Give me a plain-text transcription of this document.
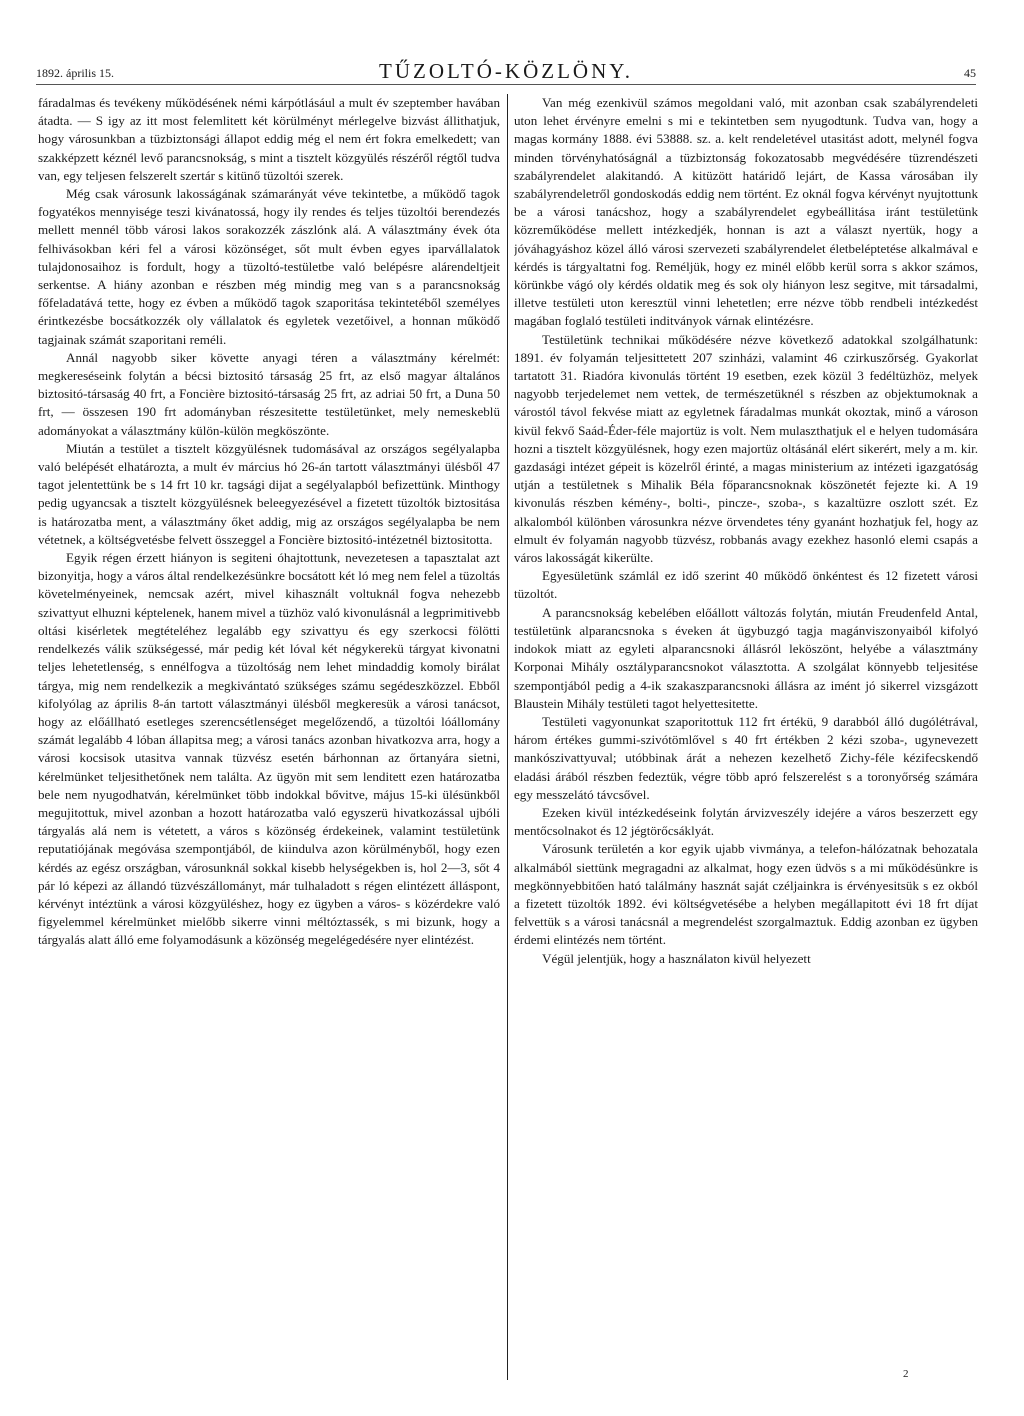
1892. április 15.	TŰZOLTÓ-KÖZLÖNY.	45

fáradalmas és tevékeny működésének némi kárpótlásául a mult év szeptember havában átadta. — S igy az itt most felemlitett két körülményt mérlegelve bizvást állithatjuk, hogy városunkban a tüzbiztonsági állapot eddig még el nem ért fokra emelkedett; van szakképzett kéznél levő parancsnokság, s mint a tisztelt közgyülés részéről régtől tudva van, egy teljesen felszerelt szertár s kitünő tüzoltói szerek.

Még csak városunk lakosságának számarányát véve tekintetbe, a működő tagok fogyatékos mennyisége teszi kivánatossá, hogy ily rendes és teljes tüzoltói berendezés mellett mennél több városi lakos sorakozzék zászlónk alá. A választmány évek óta felhivásokban kéri fel a városi közönséget, sőt mult évben egyes iparvállalatok tulajdonosaihoz is fordult, hogy a tüzoltó-testületbe való belépésre alárendeltjeit serkentse. A hiány azonban e részben még mindig meg van s a parancsnokság főfeladatává tette, hogy ez évben a működő tagok szaporitása tekintetéből személyes érintkezésbe bocsátkozzék oly vállalatok és egyletek vezetőivel, a honnan működő tagjainak számát szaporitani reméli.

Annál nagyobb siker követte anyagi téren a választmány kérelmét: megkereséseink folytán a bécsi biztositó társaság 25 frt, az első magyar általános biztositó-társaság 40 frt, a Foncière biztositó-társaság 25 frt, az adriai 50 frt, a Duna 50 frt, — összesen 190 frt adományban részesitette testületünket, mely nemeskeblü adományokat a választmány külön-külön megköszönte.

Miután a testület a tisztelt közgyülésnek tudomásával az országos segélyalapba való belépését elhatározta, a mult év március hó 26-án tartott választmányi ülésből 47 tagot jelentettünk be s 14 frt 10 kr. tagsági dijat a segélyalapból befizettünk. Minthogy pedig ugyancsak a tisztelt közgyülésnek beleegyezésével a fizetett tüzoltók biztositása is határozatba ment, a választmány őket addig, mig az országos segélyalapba be nem vétetnek, a költségvetésbe felvett összeggel a Foncière biztositó-intézetnél biztositotta.

Egyik régen érzett hiányon is segiteni óhajtottunk, nevezetesen a tapasztalat azt bizonyitja, hogy a város által rendelkezésünkre bocsátott két ló meg nem felel a tüzoltás követelményeinek, nemcsak azért, mivel kihasznált voltuknál fogva nehezebb szivattyut elhuzni képtelenek, hanem mivel a tüzhöz való kivonulásnál a legprimitivebb oltási kisérletek megtételéhez legalább egy szivattyu és egy szerkocsi fölötti rendelkezés válik szükségessé, már pedig két lóval két négykerekü tárgyat kivonatni teljes lehetetlenség, s ennélfogva a tüzoltóság nem lehet mindaddig komoly birálat tárgya, mig nem rendelkezik a megkivántató szükséges számu segédeszközzel. Ebből kifolyólag az április 8-án tartott választmányi ülésből megkeresük a városi tanácsot, hogy az előállható esetleges szerencsétlenséget megelőzendő, a tüzoltói lóállomány számát legalább 4 lóban állapitsa meg; a városi tanács azonban hivatkozva arra, hogy a városi kocsisok utasitva vannak tüzvész esetén bárhonnan az őrtanyára sietni, kérelmünket teljesithetőnek nem találta. Az ügyön mit sem lenditett ezen határozatba bele nem nyugodhatván, kérelmünket több indokkal bővitve, május 15-ki ülésünkből megujitottuk, mivel azonban a hozott határozatba való egyszerü hivatkozással ujbóli tárgyalás alá nem is vétetett, a város s közönség érdekeinek, valamint testületünk reputatiójának megóvása szempontjából, de kiindulva azon körülményből, hogy ezen kérdés az egész országban, városunknál sokkal kisebb helységekben is, hol 2—3, sőt 4 pár ló képezi az állandó tüzvészállományt, már tulhaladott s régen elintézett álláspont, kérvényt intéztünk a városi közgyüléshez, hogy ez ügyben a város- s közérdekre való figyelemmel kérelmünket mielőbb sikerre vinni méltóztassék, s mi bizunk, hogy a tárgyalás alatt álló eme folyamodásunk a közönség megelégedésére nyer elintézést.

Van még ezenkivül számos megoldani való, mit azonban csak szabályrendeleti uton lehet érvényre emelni s mi e tekintetben sem nyugodtunk. Tudva van, hogy a magas kormány 1888. évi 53888. sz. a. kelt rendeletével utasitást adott, melynél fogva minden törvényhatóságnál a tüzbiztonság fokozatosabb megvédésére tüzrendészeti szabályrendelet alakitandó. A kitüzött határidő lejárt, de Kassa városában ily szabályrendeletről gondoskodás eddig nem történt. Ez oknál fogva kérvényt nyujtottunk be a városi tanácshoz, hogy a szabályrendelet egybeállitása iránt testületünk közreműködése mellett intézkedjék, honnan is azt a választ nyertük, hogy a jóváhagyáshoz közel álló városi szervezeti szabályrendelet életbeléptetése alkalmával e kérdés is tárgyaltatni fog. Reméljük, hogy ez minél előbb kerül sorra s akkor számos, körünkbe vágó oly kérdés oldatik meg és sok oly hiányon lesz segitve, mit társadalmi, illetve testületi uton keresztül vinni lehetetlen; erre nézve több rendbeli intézkedést magában foglaló testületi inditványok várnak elintézésre.

Testületünk technikai működésére nézve következő adatokkal szolgálhatunk: 1891. év folyamán teljesittetett 207 szinházi, valamint 46 czirkuszőrség. Gyakorlat tartatott 31. Riadóra kivonulás történt 19 esetben, ezek közül 3 fedéltüzhöz, melyek nagyobb terjedelemet nem vettek, de természetüknél s részben az objektumoknak a várostól távol fekvése miatt az egyletnek fáradalmas munkát okoztak, minő a városon kivül fekvő Saád-Éder-féle majortüz is volt. Nem mulaszthatjuk el e helyen tudomására hozni a tisztelt közgyülésnek, hogy ezen majortüz oltásánál elért sikerért, mely a m. kir. gazdasági intézet gépeit is közelről érinté, a magas ministerium az intézeti igazgatóság utján a testületnek s Mihalik Béla főparancsnoknak köszönetét fejezte ki. A 19 kivonulás részben kémény-, bolti-, pincze-, szoba-, s kazaltüzre oszlott szét. Ez alkalomból különben városunkra nézve örvendetes tény gyanánt hozhatjuk fel, hogy az elmult év folyamán nagyobb tüzvész, robbanás avagy ezekhez hasonló elemi csapás a város lakosságát kikerülte.

Egyesületünk számlál ez idő szerint 40 működő önkéntest és 12 fizetett városi tüzoltót.

A parancsnokság kebelében előállott változás folytán, miután Freudenfeld Antal, testületünk alparancsnoka s éveken át ügybuzgó tagja magánviszonyaiból kifolyó indokok miatt az egyleti alparancsnoki állásról leköszönt, helyébe a választmány Korponai Mihály osztályparancsnokot választotta. A szolgálat könnyebb teljesitése szempontjából pedig a 4-ik szakaszparancsnoki állásra az imént jó sikerrel vizsgázott Blaustein Mihály testületi tagot helyettesitette.

Testületi vagyonunkat szaporitottuk 112 frt értékü, 9 darabból álló dugólétrával, három értékes gummi-szivótömlővel s 40 frt értékben 2 kézi szoba-, ugynevezett mankószivattyuval; utóbbinak árát a nehezen kezelhető Zichy-féle kézifecskendő eladási árából részben fedeztük, végre több apró felszerelést s a toronyőrség számára egy messzelátó távcsővel.

Ezeken kivül intézkedéseink folytán árvizveszély idejére a város beszerzett egy mentőcsolnakot és 12 jégtörőcsáklyát.

Városunk területén a kor egyik ujabb vivmánya, a telefon-hálózatnak behozatala alkalmából siettünk megragadni az alkalmat, hogy ezen üdvös s a mi működésünkre is megkönnyebbitően ható találmány hasznát saját czéljainkra is érvényesitsük s ez okból a fizetett tüzoltók 1892. évi költségvetésébe a helyben megállapitott évi 18 frt díjat felvettük s a városi tanácsnál a megrendelést szorgalmaztuk. Eddig azonban ez ügyben érdemi elintézés nem történt.

Végül jelentjük, hogy a használaton kivül helyezett

2
